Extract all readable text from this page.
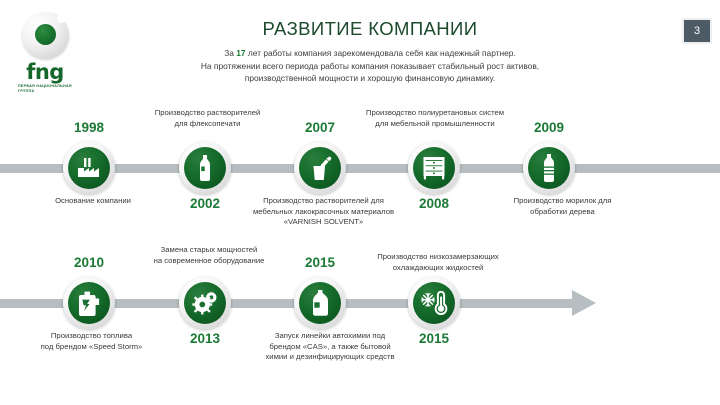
fng
ПЕРВАЯ НАЦИОНАЛЬНАЯ ГРУППА
РАЗВИТИЕ КОМПАНИИ
За 17 лет работы компания зарекомендовала себя как надежный партнер.
На протяжении всего периода работы компания показывает стабильный рост активов,
производственной мощности и хорошую финансовую динамику.
3
1998
Основание компании	2002
Производство растворителей
для флексопечати	2007
Производство растворителей для
мебельных лакокрасочных материалов
«VARNISH SOLVENT»
2008
Производство полиуретановых систем
для мебельной промышленности	2009
Производство морилок для
обработки дерева
2010
Производство топлива
под брендом «Speed Storm»	2013
Замена старых мощностей
на современное оборудование	2015
Запуск линейки автохимии под
брендом «CAS», а также бытовой
химии и дезинфицирующих средств
2015
Производство низкозамерзающих
охлаждающих жидкостей
